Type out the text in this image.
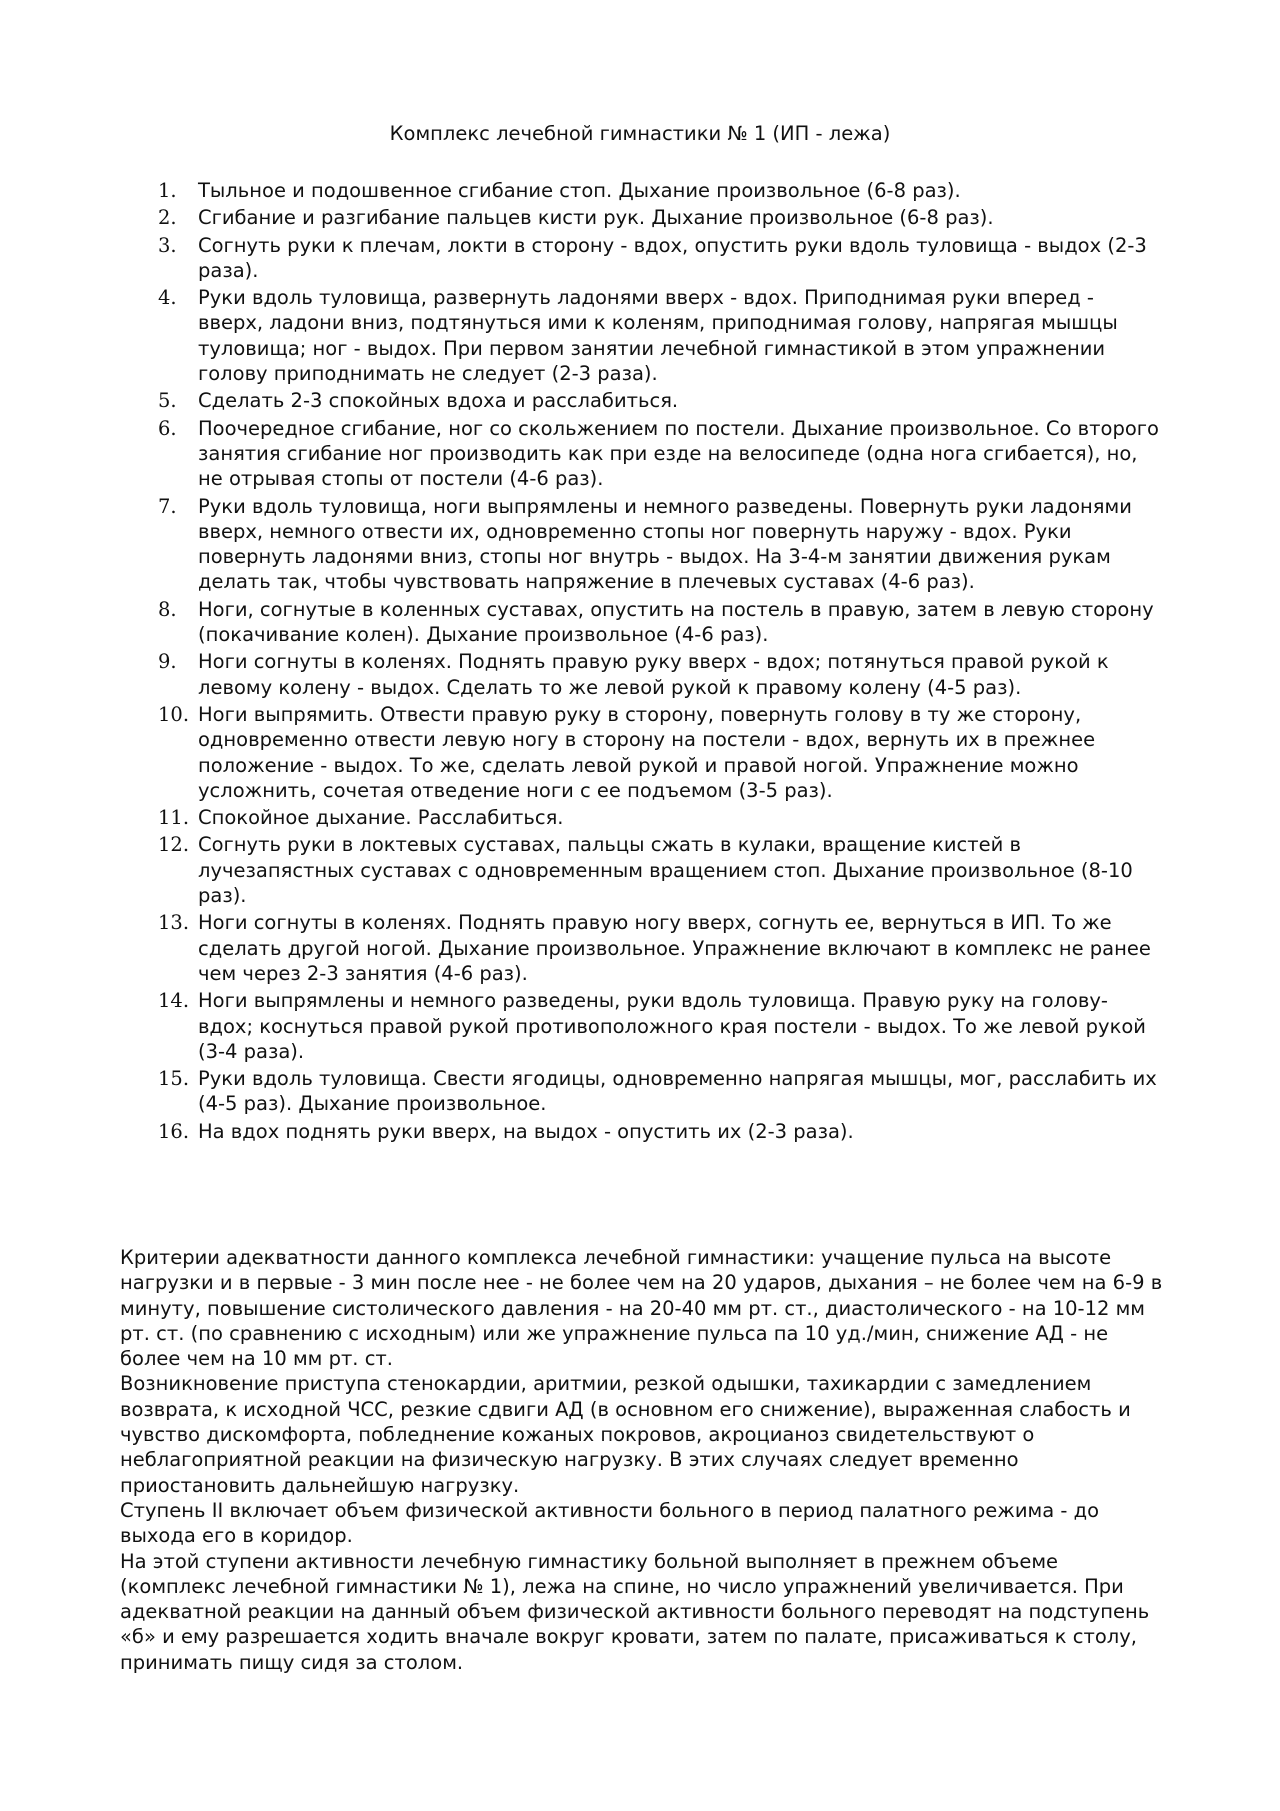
Комплекс лечебной гимнастики № 1 (ИП - лежа)
1. Тыльное и подошвенное сгибание стоп. Дыхание произвольное (6-8 раз).
2. Сгибание и разгибание пальцев кисти рук. Дыхание произвольное (6-8 раз).
3. Согнуть руки к плечам, локти в сторону - вдох, опустить руки вдоль туловища - выдох (2-3 раза).
4. Руки вдоль туловища, развернуть ладонями вверх - вдох. Приподнимая руки вперед - вверх, ладони вниз, подтянуться ими к коленям, приподнимая голову, напрягая мышцы туловища; ног - выдох. При первом занятии лечебной гимнастикой в этом упражнении голову приподнимать не следует (2-3 раза).
5. Сделать 2-3 спокойных вдоха и расслабиться.
6. Поочередное сгибание, ног со скольжением по постели. Дыхание произвольное. Со второго занятия сгибание ног производить как при езде на велосипеде (одна нога сгибается), но, не отрывая стопы от постели (4-6 раз).
7. Руки вдоль туловища, ноги выпрямлены и немного разведены. Повернуть руки ладонями вверх, немного отвести их, одновременно стопы ног повернуть наружу - вдох. Руки повернуть ладонями вниз, стопы ног внутрь - выдох. На 3-4-м занятии движения рукам делать так, чтобы чувствовать напряжение в плечевых суставах (4-6 раз).
8. Ноги, согнутые в коленных суставах, опустить на постель в правую, затем в левую сторону (покачивание колен). Дыхание произвольное (4-6 раз).
9. Ноги согнуты в коленях. Поднять правую руку вверх - вдох; потянуться правой рукой к левому колену - выдох. Сделать то же левой рукой к правому колену (4-5 раз).
10. Ноги выпрямить. Отвести правую руку в сторону, повернуть голову в ту же сторону, одновременно отвести левую ногу в сторону на постели - вдох, вернуть их в прежнее положение - выдох. То же, сделать левой рукой и правой ногой. Упражнение можно усложнить, сочетая отведение ноги с ее подъемом (3-5 раз).
11. Спокойное дыхание. Расслабиться.
12. Согнуть руки в локтевых суставах, пальцы сжать в кулаки, вращение кистей в лучезапястных суставах с одновременным вращением стоп. Дыхание произвольное (8-10 раз).
13. Ноги согнуты в коленях. Поднять правую ногу вверх, согнуть ее, вернуться в ИП. То же сделать другой ногой. Дыхание произвольное. Упражнение включают в комплекс не ранее чем через 2-3 занятия (4-6 раз).
14. Ноги выпрямлены и немного разведены, руки вдоль туловища. Правую руку на голову-вдох; коснуться правой рукой противоположного края постели - выдох. То же левой рукой (3-4 раза).
15. Руки вдоль туловища. Свести ягодицы, одновременно напрягая мышцы, мог, расслабить их (4-5 раз). Дыхание произвольное.
16. На вдох поднять руки вверх, на выдох - опустить их (2-3 раза).

Критерии адекватности данного комплекса лечебной гимнастики: учащение пульса на высоте нагрузки и в первые - 3 мин после нее - не более чем на 20 ударов, дыхания – не более чем на 6-9 в минуту, повышение систолического давления - на 20-40 мм рт. ст., диастолического - на 10-12 мм рт. ст. (по сравнению с исходным) или же упражнение пульса па 10 уд./мин, снижение АД - не более чем на 10 мм рт. ст.

Возникновение приступа стенокардии, аритмии, резкой одышки, тахикардии с замедлением возврата, к исходной ЧСС, резкие сдвиги АД (в основном его снижение), выраженная слабость и чувство дискомфорта, побледнение кожаных покровов, акроцианоз свидетельствуют о неблагоприятной реакции на физическую нагрузку. В этих случаях следует временно приостановить дальнейшую нагрузку.

Ступень II включает объем физической активности больного в период палатного режима - до выхода его в коридор.

На этой ступени активности лечебную гимнастику больной выполняет в прежнем объеме (комплекс лечебной гимнастики № 1), лежа на спине, но число упражнений увеличивается. При адекватной реакции на данный объем физической активности больного переводят на подступень «б» и ему разрешается ходить вначале вокруг кровати, затем по палате, присаживаться к столу, принимать пищу сидя за столом.
